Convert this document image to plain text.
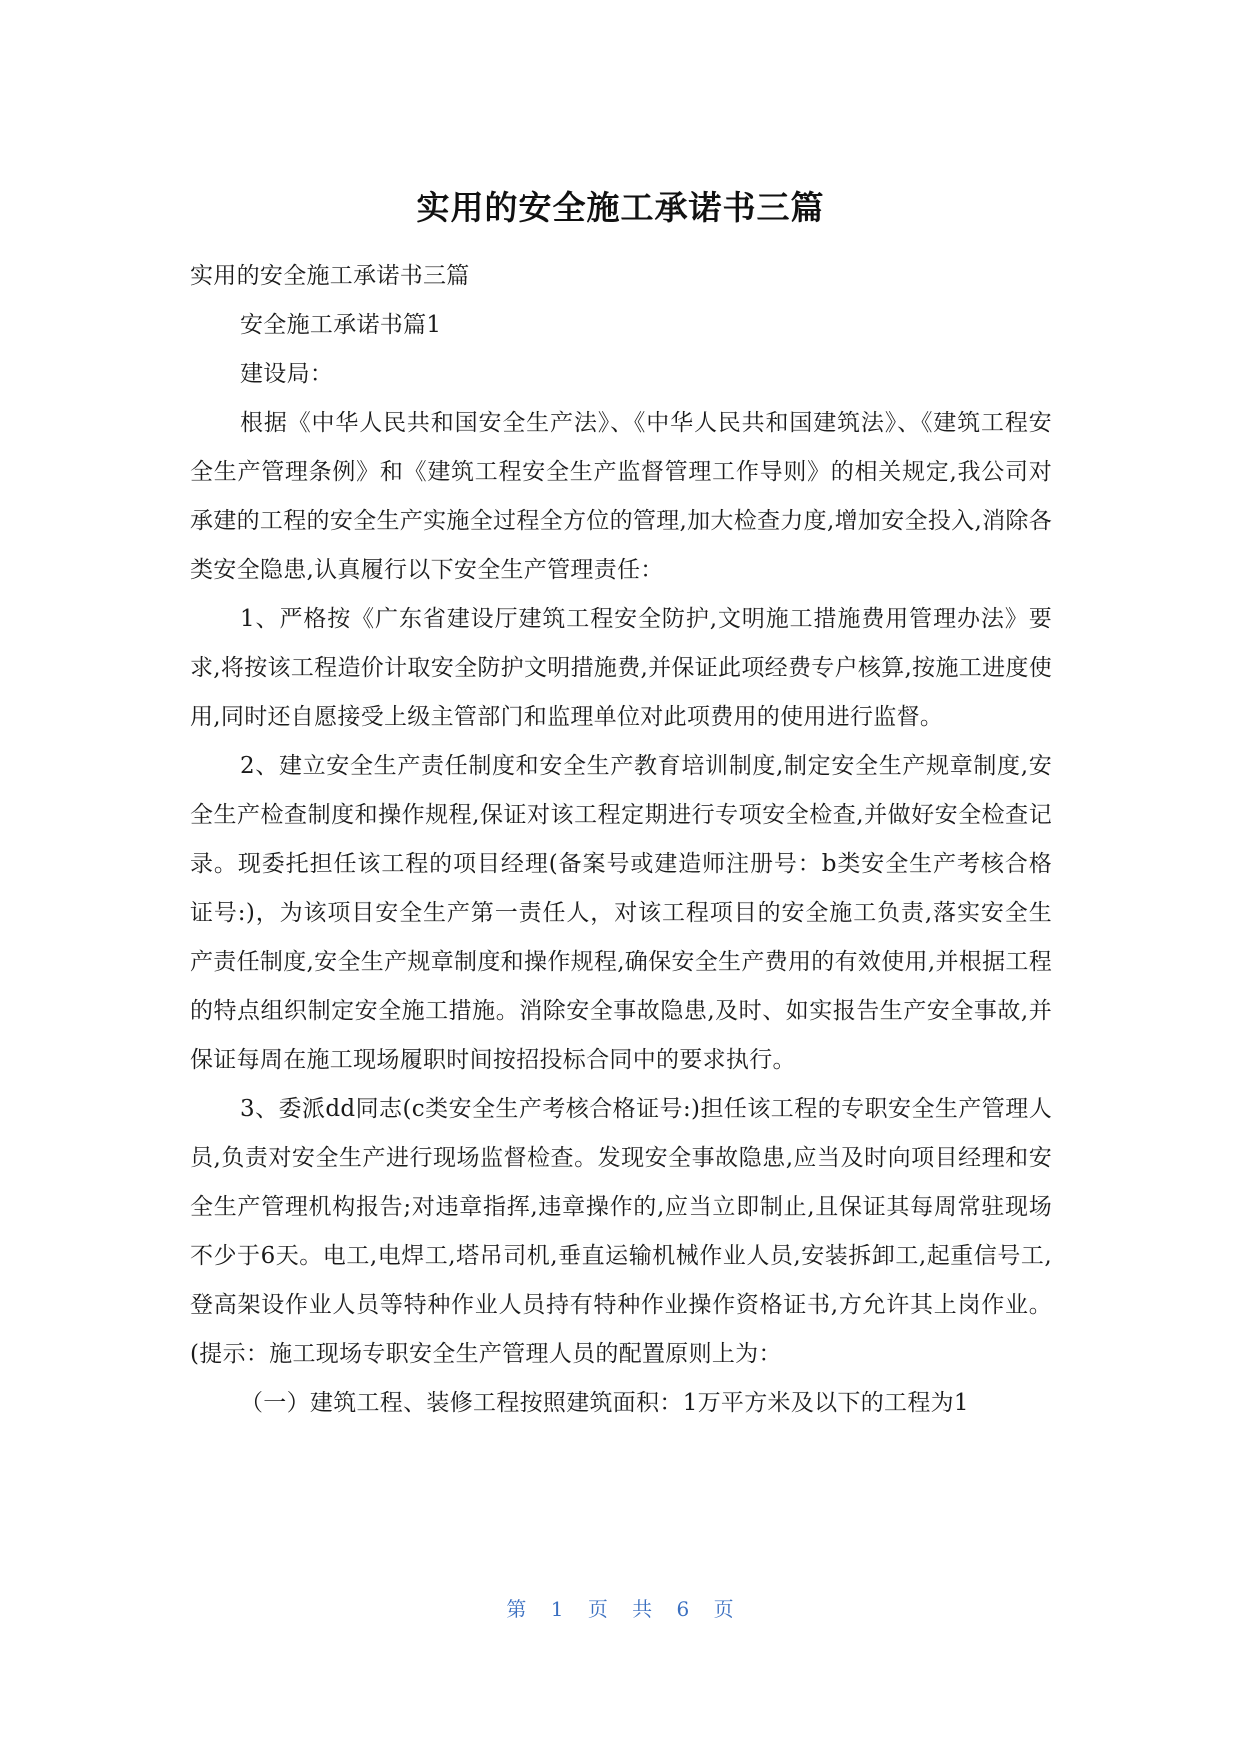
实用的安全施工承诺书三篇

实用的安全施工承诺书三篇

安全施工承诺书篇1

建设局：

根据《中华人民共和国安全生产法》、《中华人民共和国建筑法》、《建筑工程安全生产管理条例》和《建筑工程安全生产监督管理工作导则》的相关规定,我公司对承建的工程的安全生产实施全过程全方位的管理,加大检查力度,增加安全投入,消除各类安全隐患,认真履行以下安全生产管理责任：

1、严格按《广东省建设厅建筑工程安全防护,文明施工措施费用管理办法》要求,将按该工程造价计取安全防护文明措施费,并保证此项经费专户核算,按施工进度使用,同时还自愿接受上级主管部门和监理单位对此项费用的使用进行监督。

2、建立安全生产责任制度和安全生产教育培训制度,制定安全生产规章制度,安全生产检查制度和操作规程,保证对该工程定期进行专项安全检查,并做好安全检查记录。现委托担任该工程的项目经理(备案号或建造师注册号：b类安全生产考核合格证号:)，为该项目安全生产第一责任人，对该工程项目的安全施工负责,落实安全生产责任制度,安全生产规章制度和操作规程,确保安全生产费用的有效使用,并根据工程的特点组织制定安全施工措施。消除安全事故隐患,及时、如实报告生产安全事故,并保证每周在施工现场履职时间按招投标合同中的要求执行。

3、委派dd同志(c类安全生产考核合格证号:)担任该工程的专职安全生产管理人员,负责对安全生产进行现场监督检查。发现安全事故隐患,应当及时向项目经理和安全生产管理机构报告;对违章指挥,违章操作的,应当立即制止,且保证其每周常驻现场不少于6天。电工,电焊工,塔吊司机,垂直运输机械作业人员,安装拆卸工,起重信号工,登高架设作业人员等特种作业人员持有特种作业操作资格证书,方允许其上岗作业。(提示：施工现场专职安全生产管理人员的配置原则上为：

（一）建筑工程、装修工程按照建筑面积：1万平方米及以下的工程为1

第 1 页 共 6 页
